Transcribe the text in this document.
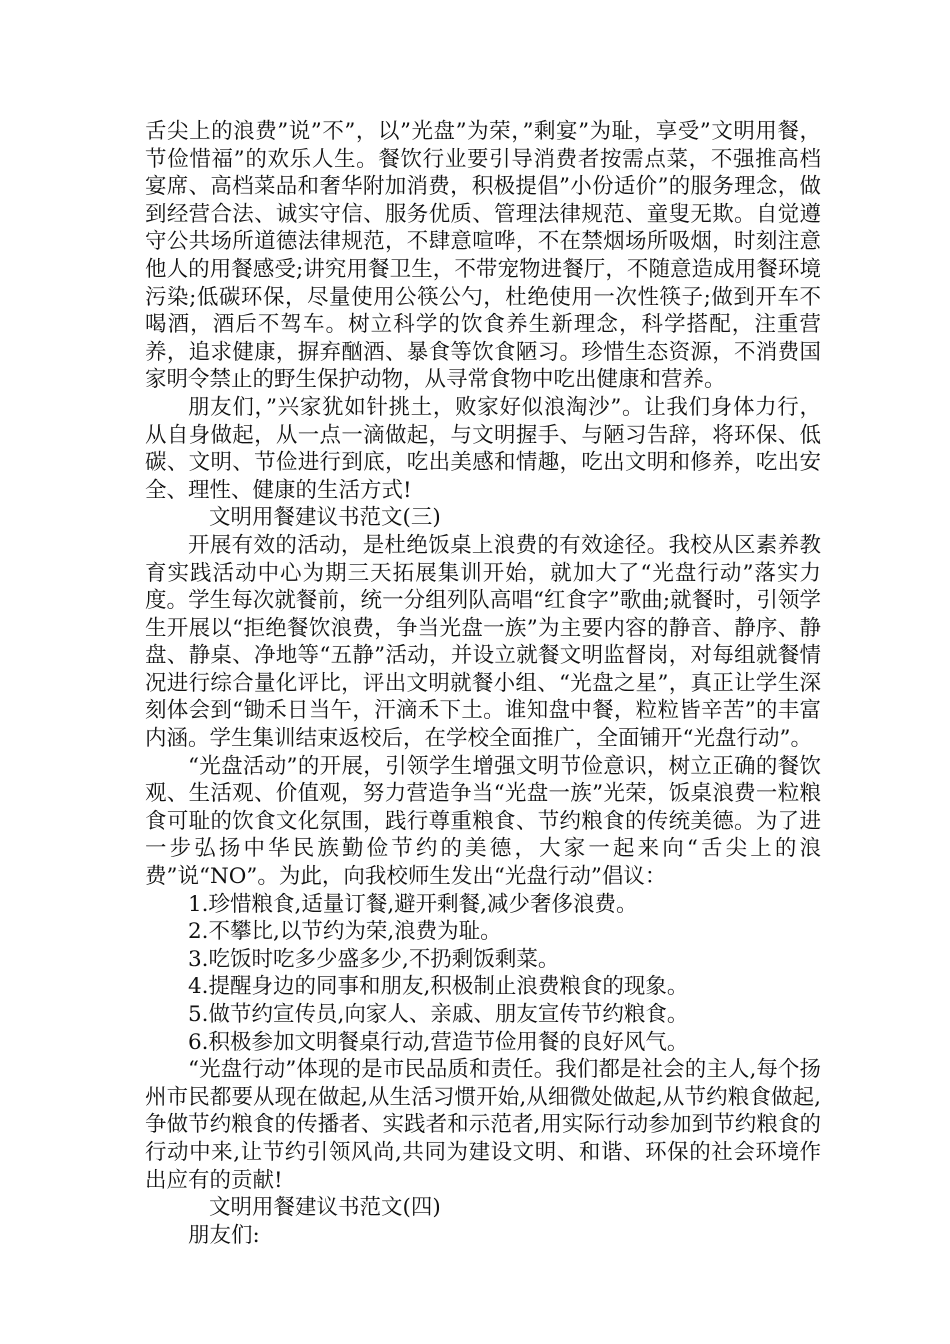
舌尖上的浪费”说”不”，以”光盘”为荣，”剩宴”为耻，享受”文明用餐，节俭惜福”的欢乐人生。餐饮行业要引导消费者按需点菜，不强推高档宴席、高档菜品和奢华附加消费，积极提倡”小份适价”的服务理念，做到经营合法、诚实守信、服务优质、管理法律规范、童叟无欺。自觉遵守公共场所道德法律规范，不肆意喧哗，不在禁烟场所吸烟，时刻注意他人的用餐感受;讲究用餐卫生，不带宠物进餐厅，不随意造成用餐环境污染;低碳环保，尽量使用公筷公勺，杜绝使用一次性筷子;做到开车不喝酒，酒后不驾车。树立科学的饮食养生新理念，科学搭配，注重营养，追求健康，摒弃酗酒、暴食等饮食陋习。珍惜生态资源，不消费国家明令禁止的野生保护动物，从寻常食物中吃出健康和营养。

朋友们，”兴家犹如针挑土，败家好似浪淘沙”。让我们身体力行，从自身做起，从一点一滴做起，与文明握手、与陋习告辞，将环保、低碳、文明、节俭进行到底，吃出美感和情趣，吃出文明和修养，吃出安全、理性、健康的生活方式!

文明用餐建议书范文(三)

开展有效的活动，是杜绝饭桌上浪费的有效途径。我校从区素养教育实践活动中心为期三天拓展集训开始，就加大了“光盘行动”落实力度。学生每次就餐前，统一分组列队高唱“红食字”歌曲;就餐时，引领学生开展以“拒绝餐饮浪费，争当光盘一族”为主要内容的静音、静序、静盘、静桌、净地等“五静”活动，并设立就餐文明监督岗，对每组就餐情况进行综合量化评比，评出文明就餐小组、“光盘之星”，真正让学生深刻体会到“锄禾日当午，汗滴禾下土。谁知盘中餐，粒粒皆辛苦”的丰富内涵。学生集训结束返校后，在学校全面推广，全面铺开“光盘行动”。

“光盘活动”的开展，引领学生增强文明节俭意识，树立正确的餐饮观、生活观、价值观，努力营造争当“光盘一族”光荣，饭桌浪费一粒粮食可耻的饮食文化氛围，践行尊重粮食、节约粮食的传统美德。为了进一步弘扬中华民族勤俭节约的美德，大家一起来向“舌尖上的浪费”说“NO”。为此，向我校师生发出“光盘行动”倡议：

1.珍惜粮食,适量订餐,避开剩餐,减少奢侈浪费。

2.不攀比,以节约为荣,浪费为耻。

3.吃饭时吃多少盛多少,不扔剩饭剩菜。

4.提醒身边的同事和朋友,积极制止浪费粮食的现象。

5.做节约宣传员,向家人、亲戚、朋友宣传节约粮食。

6.积极参加文明餐桌行动,营造节俭用餐的良好风气。

“光盘行动”体现的是市民品质和责任。我们都是社会的主人,每个扬州市民都要从现在做起,从生活习惯开始,从细微处做起,从节约粮食做起,争做节约粮食的传播者、实践者和示范者,用实际行动参加到节约粮食的行动中来,让节约引领风尚,共同为建设文明、和谐、环保的社会环境作出应有的贡献!

文明用餐建议书范文(四)

朋友们:
